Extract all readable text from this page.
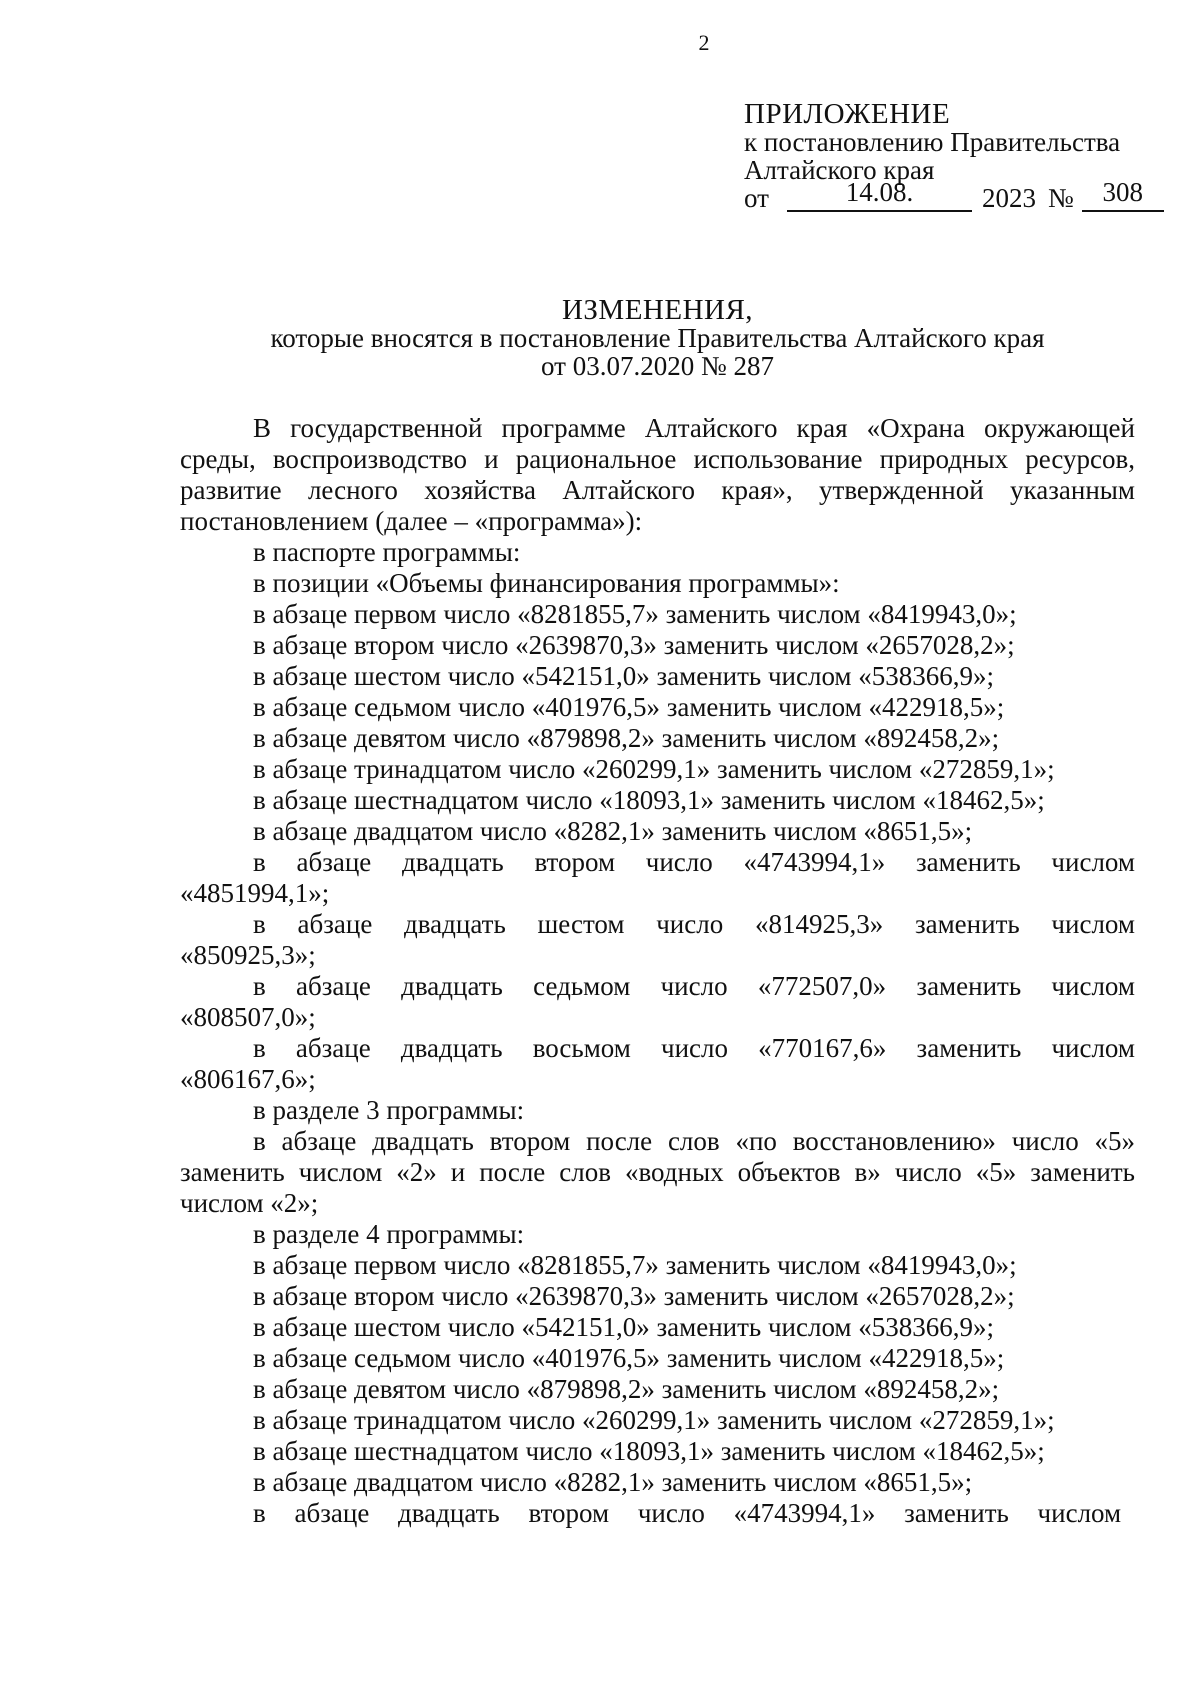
2
ПРИЛОЖЕНИЕ
к постановлению Правительства
Алтайского края
от	14.08.	2023 №	308
ИЗМЕНЕНИЯ,
которые вносятся в постановление Правительства Алтайского края
от 03.07.2020 № 287

В государственной программе Алтайского края «Охрана окружающей среды, воспроизводство и рациональное использование природных ресурсов, развитие лесного хозяйства Алтайского края», утвержденной указанным постановлением (далее – «программа»):

в паспорте программы:
в позиции «Объемы финансирования программы»:
в абзаце первом число «8281855,7» заменить числом «8419943,0»;
в абзаце втором число «2639870,3» заменить числом «2657028,2»;
в абзаце шестом число «542151,0» заменить числом «538366,9»;
в абзаце седьмом число «401976,5» заменить числом «422918,5»;
в абзаце девятом число «879898,2» заменить числом «892458,2»;
в абзаце тринадцатом число «260299,1» заменить числом «272859,1»;
в абзаце шестнадцатом число «18093,1» заменить числом «18462,5»;
в абзаце двадцатом число «8282,1» заменить числом «8651,5»;
в абзаце двадцать втором число «4743994,1» заменить числом «4851994,1»;
в абзаце двадцать шестом число «814925,3» заменить числом «850925,3»;
в абзаце двадцать седьмом число «772507,0» заменить числом «808507,0»;
в абзаце двадцать восьмом число «770167,6» заменить числом «806167,6»;
в разделе 3 программы:
в абзаце двадцать втором после слов «по восстановлению» число «5» заменить числом «2» и после слов «водных объектов в» число «5» заменить числом «2»;
в разделе 4 программы:
в абзаце первом число «8281855,7» заменить числом «8419943,0»;
в абзаце втором число «2639870,3» заменить числом «2657028,2»;
в абзаце шестом число «542151,0» заменить числом «538366,9»;
в абзаце седьмом число «401976,5» заменить числом «422918,5»;
в абзаце девятом число «879898,2» заменить числом «892458,2»;
в абзаце тринадцатом число «260299,1» заменить числом «272859,1»;
в абзаце шестнадцатом число «18093,1» заменить числом «18462,5»;
в абзаце двадцатом число «8282,1» заменить числом «8651,5»;
в абзаце двадцать втором число «4743994,1» заменить числом
